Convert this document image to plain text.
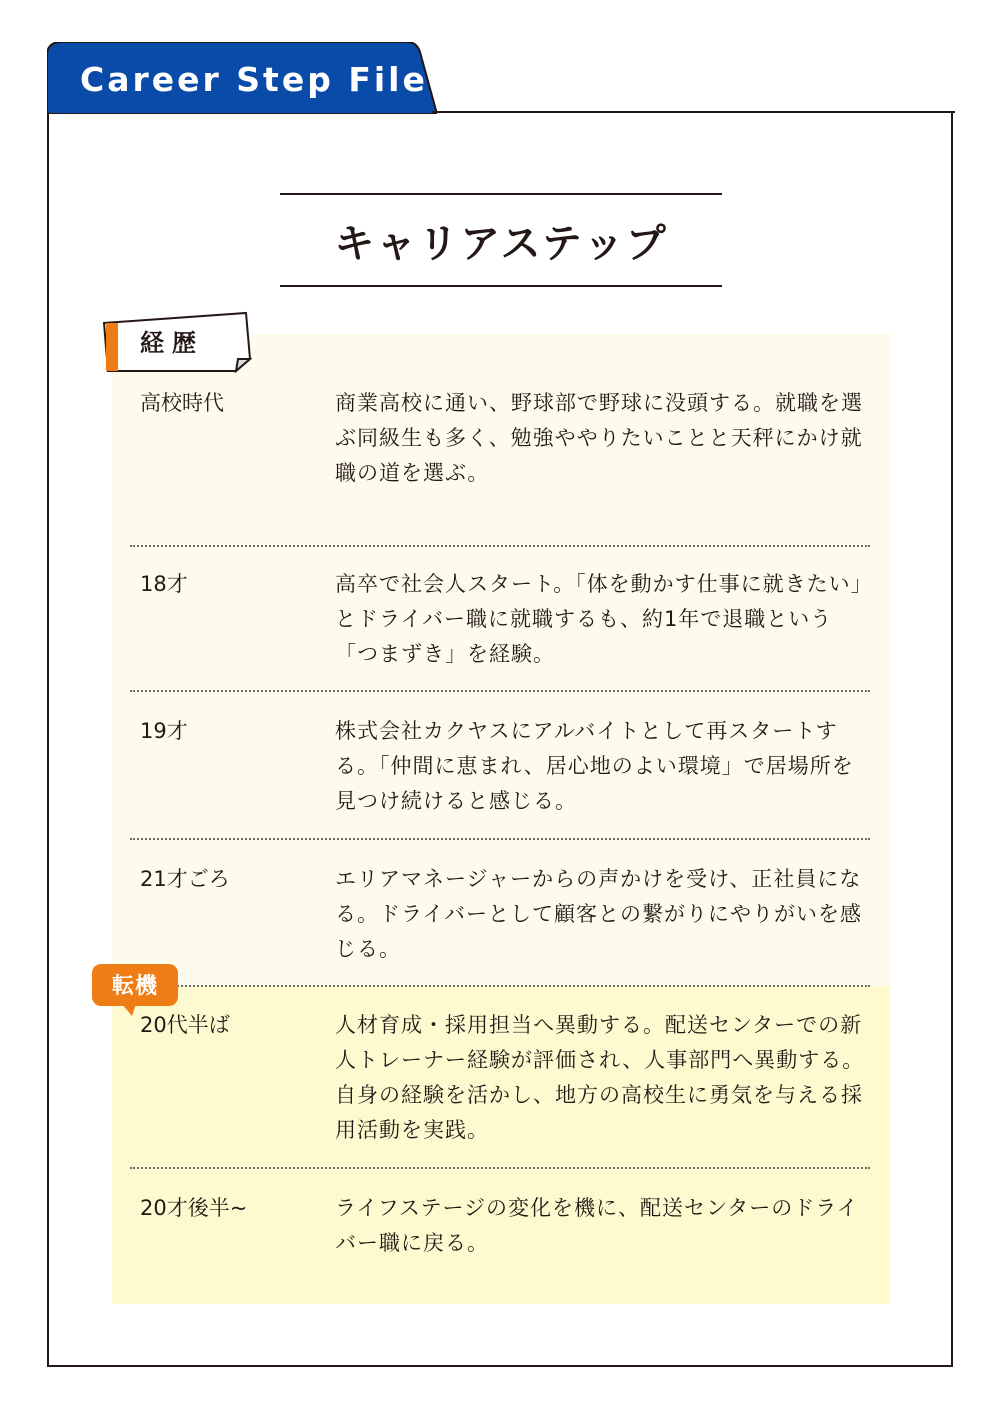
Career Step File
キャリアステップ
経歴
高校時代	商業高校に通い、野球部で野球に没頭する。就職を選ぶ同級生も多く、勉強ややりたいことと天秤にかけ就職の道を選ぶ。
18才	高卒で社会人スタート。「体を動かす仕事に就きたい」とドライバー職に就職するも、約1年で退職という「つまずき」を経験。
19才	株式会社カクヤスにアルバイトとして再スタートする。「仲間に恵まれ、居心地のよい環境」で居場所を見つけ続けると感じる。
21才ごろ	エリアマネージャーからの声かけを受け、正社員になる。ドライバーとして顧客との繋がりにやりがいを感じる。
転機
20代半ば	人材育成・採用担当へ異動する。配送センターでの新人トレーナー経験が評価され、人事部門へ異動する。自身の経験を活かし、地方の高校生に勇気を与える採用活動を実践。
20才後半~	ライフステージの変化を機に、配送センターのドライバー職に戻る。
